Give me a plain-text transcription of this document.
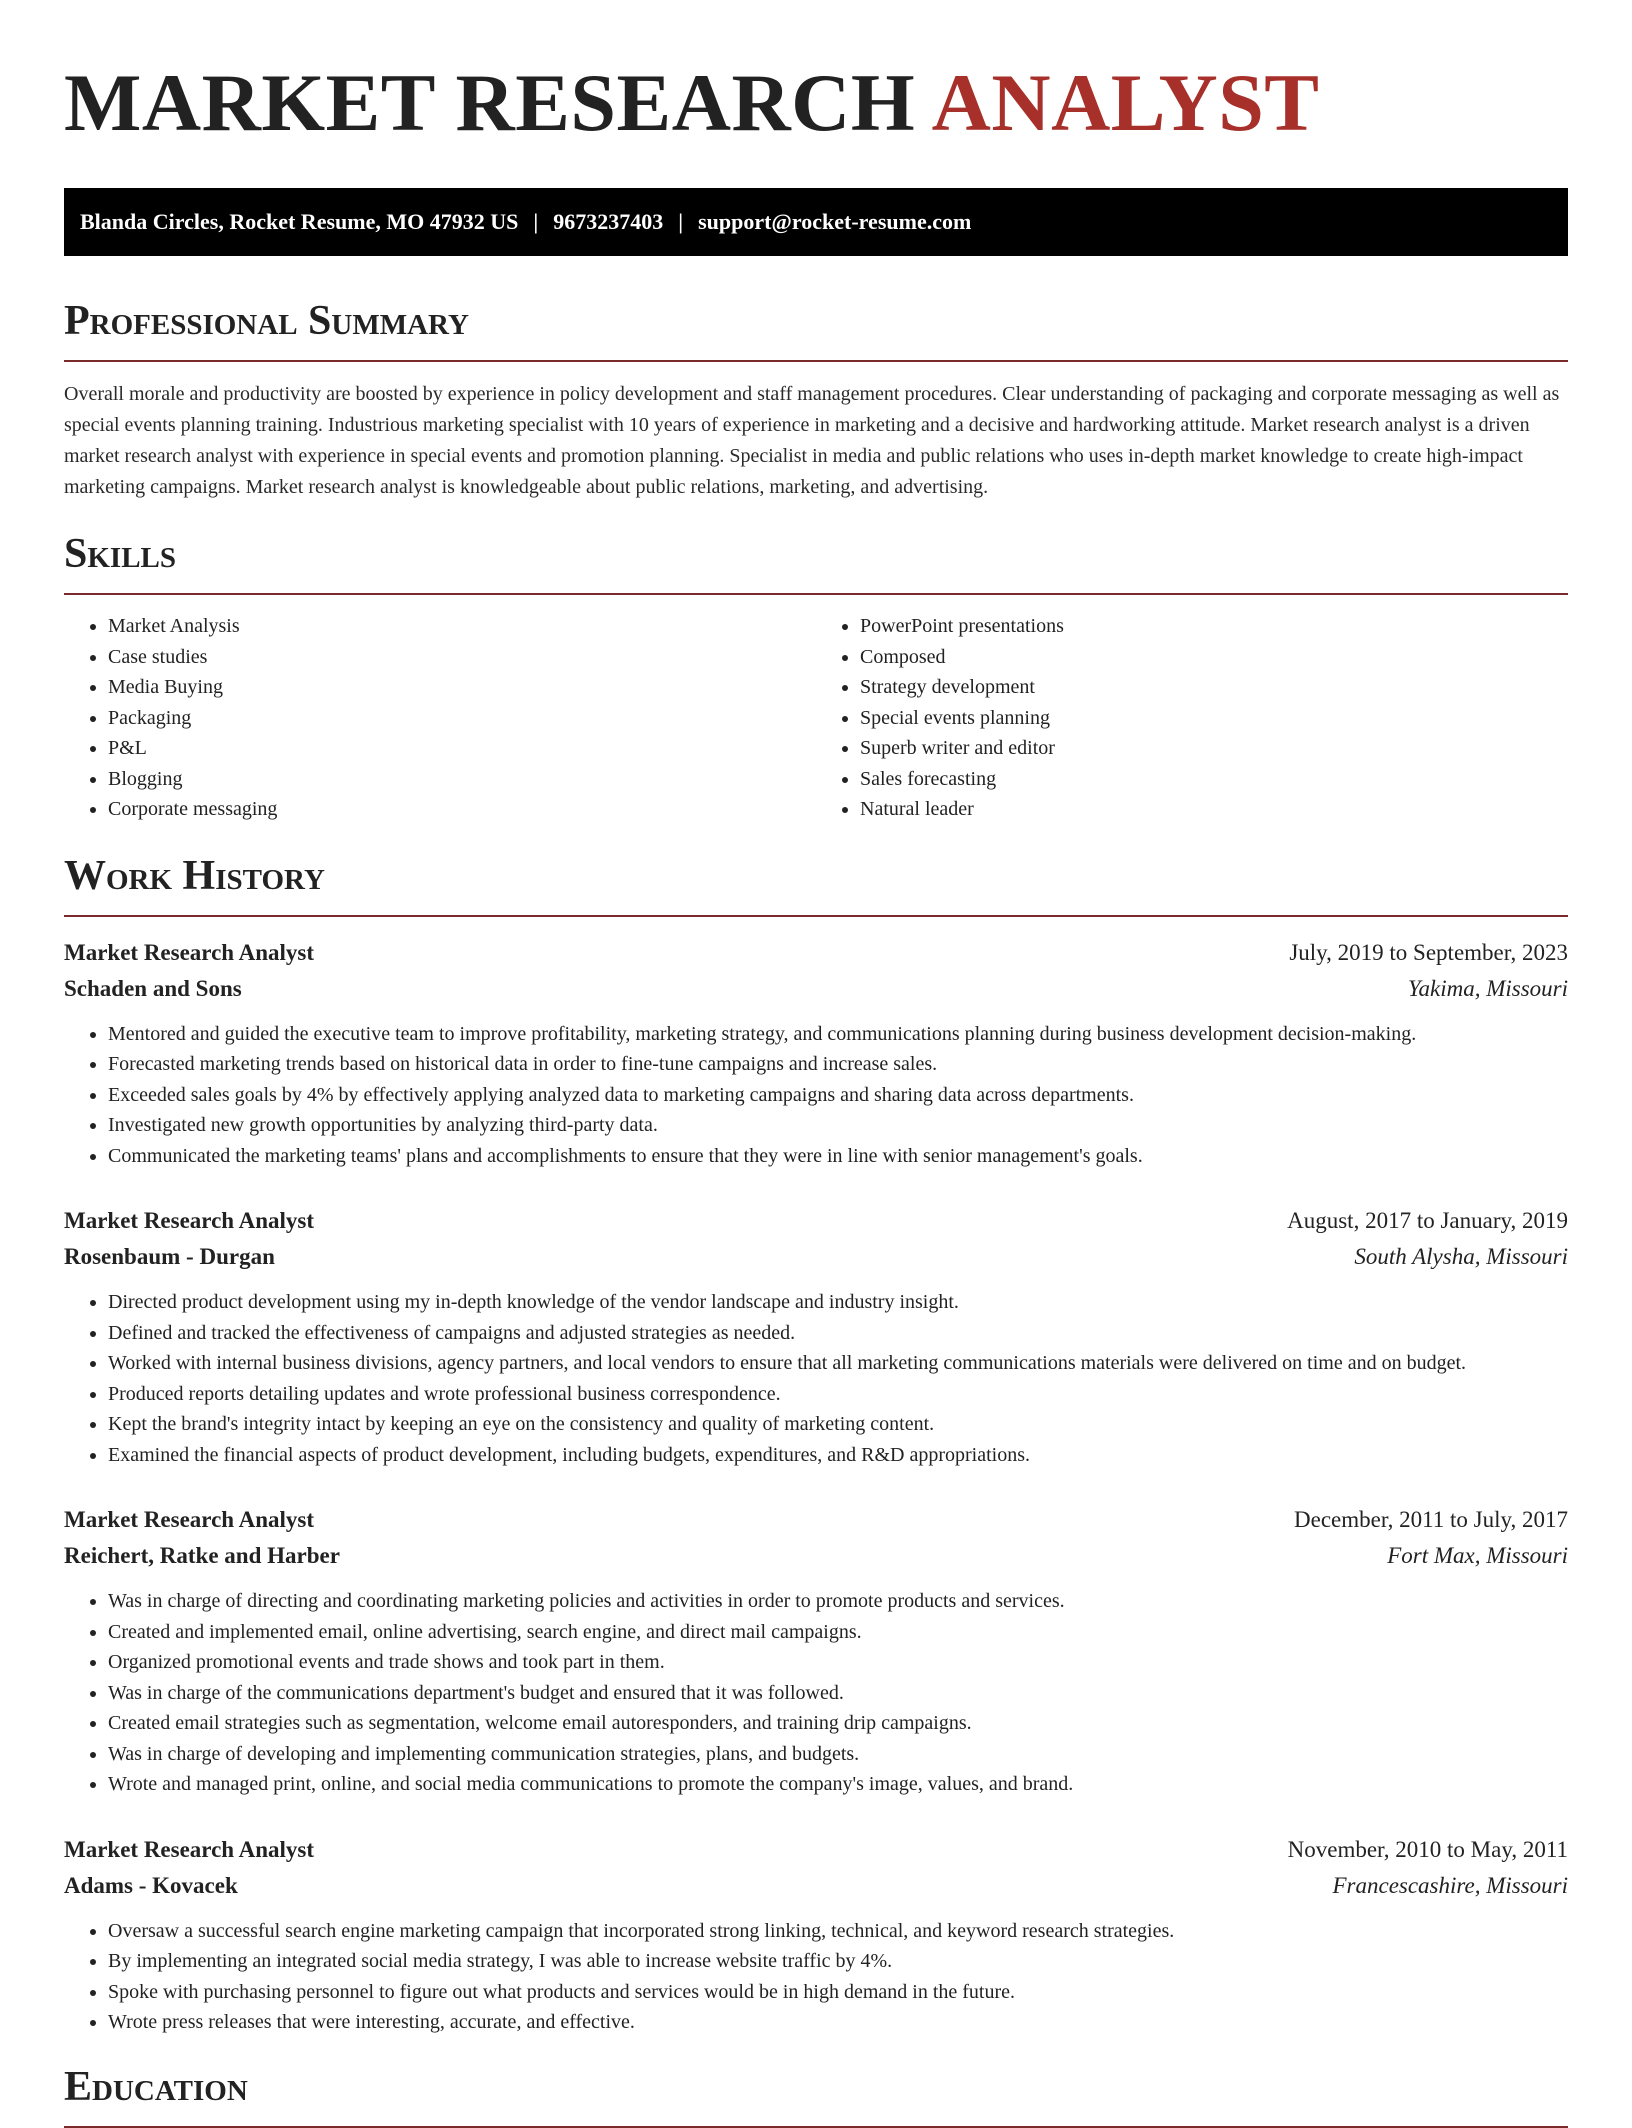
MARKET RESEARCH ANALYST
Blanda Circles, Rocket Resume, MO 47932 US | 9673237403 | support@rocket-resume.com
Professional Summary

Overall morale and productivity are boosted by experience in policy development and staff management procedures. Clear understanding of packaging and corporate messaging as well as special events planning training. Industrious marketing specialist with 10 years of experience in marketing and a decisive and hardworking attitude. Market research analyst is a driven market research analyst with experience in special events and promotion planning. Specialist in media and public relations who uses in-depth market knowledge to create high-impact marketing campaigns. Market research analyst is knowledgeable about public relations, marketing, and advertising.

Skills
• Market Analysis
• Case studies
• Media Buying
• Packaging
• P&L
• Blogging
• Corporate messaging
• PowerPoint presentations
• Composed
• Strategy development
• Special events planning
• Superb writer and editor
• Sales forecasting
• Natural leader
Work History
Market Research Analyst	July, 2019 to September, 2023
Schaden and Sons	Yakima, Missouri
• Mentored and guided the executive team to improve profitability, marketing strategy, and communications planning during business development decision-making.
• Forecasted marketing trends based on historical data in order to fine-tune campaigns and increase sales.
• Exceeded sales goals by 4% by effectively applying analyzed data to marketing campaigns and sharing data across departments.
• Investigated new growth opportunities by analyzing third-party data.
• Communicated the marketing teams' plans and accomplishments to ensure that they were in line with senior management's goals.
Market Research Analyst	August, 2017 to January, 2019
Rosenbaum - Durgan	South Alysha, Missouri
• Directed product development using my in-depth knowledge of the vendor landscape and industry insight.
• Defined and tracked the effectiveness of campaigns and adjusted strategies as needed.
• Worked with internal business divisions, agency partners, and local vendors to ensure that all marketing communications materials were delivered on time and on budget.
• Produced reports detailing updates and wrote professional business correspondence.
• Kept the brand's integrity intact by keeping an eye on the consistency and quality of marketing content.
• Examined the financial aspects of product development, including budgets, expenditures, and R&D appropriations.
Market Research Analyst	December, 2011 to July, 2017
Reichert, Ratke and Harber	Fort Max, Missouri
• Was in charge of directing and coordinating marketing policies and activities in order to promote products and services.
• Created and implemented email, online advertising, search engine, and direct mail campaigns.
• Organized promotional events and trade shows and took part in them.
• Was in charge of the communications department's budget and ensured that it was followed.
• Created email strategies such as segmentation, welcome email autoresponders, and training drip campaigns.
• Was in charge of developing and implementing communication strategies, plans, and budgets.
• Wrote and managed print, online, and social media communications to promote the company's image, values, and brand.
Market Research Analyst	November, 2010 to May, 2011
Adams - Kovacek	Francescashire, Missouri
• Oversaw a successful search engine marketing campaign that incorporated strong linking, technical, and keyword research strategies.
• By implementing an integrated social media strategy, I was able to increase website traffic by 4%.
• Spoke with purchasing personnel to figure out what products and services would be in high demand in the future.
• Wrote press releases that were interesting, accurate, and effective.
Education
